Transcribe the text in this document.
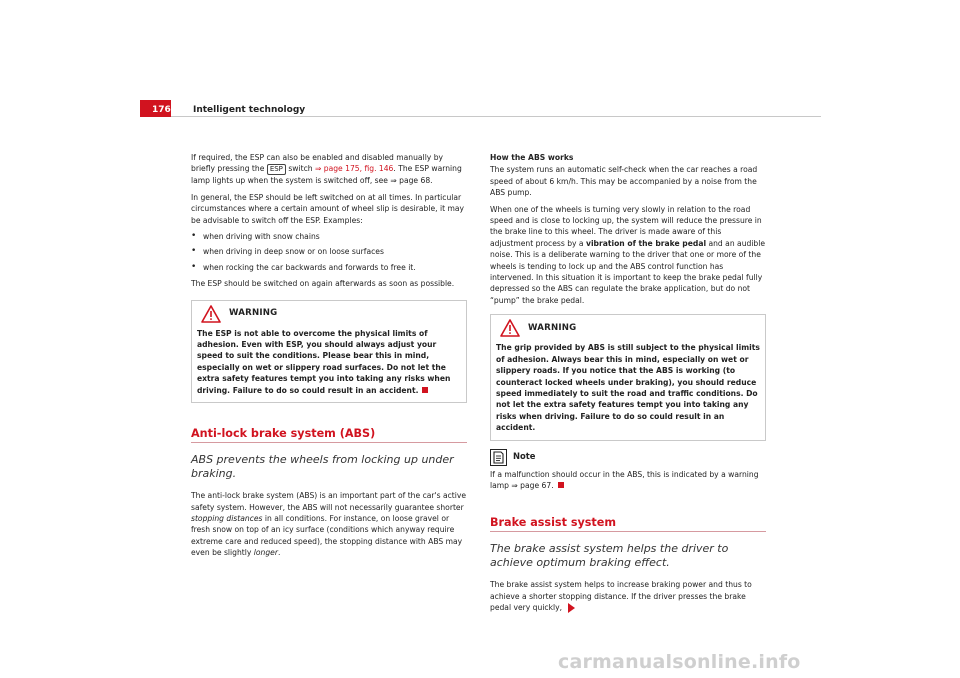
176 Intelligent technology

If required, the ESP can also be enabled and disabled manually by briefly pressing the ESP switch ⇒ page 175, fig. 146. The ESP warning lamp lights up when the system is switched off, see ⇒ page 68.

In general, the ESP should be left switched on at all times. In particular circumstances where a certain amount of wheel slip is desirable, it may be advisable to switch off the ESP. Examples:

• when driving with snow chains
• when driving in deep snow or on loose surfaces
• when rocking the car backwards and forwards to free it.

The ESP should be switched on again afterwards as soon as possible.

WARNING
The ESP is not able to overcome the physical limits of adhesion. Even with ESP, you should always adjust your speed to suit the conditions. Please bear this in mind, especially on wet or slippery road surfaces. Do not let the extra safety features tempt you into taking any risks when driving. Failure to do so could result in an accident.
Anti-lock brake system (ABS)
ABS prevents the wheels from locking up under braking.

The anti-lock brake system (ABS) is an important part of the car's active safety system. However, the ABS will not necessarily guarantee shorter stopping distances in all conditions. For instance, on loose gravel or fresh snow on top of an icy surface (conditions which anyway require extreme care and reduced speed), the stopping distance with ABS may even be slightly longer.

How the ABS works

The system runs an automatic self-check when the car reaches a road speed of about 6 km/h. This may be accompanied by a noise from the ABS pump.

When one of the wheels is turning very slowly in relation to the road speed and is close to locking up, the system will reduce the pressure in the brake line to this wheel. The driver is made aware of this adjustment process by a vibration of the brake pedal and an audible noise. This is a deliberate warning to the driver that one or more of the wheels is tending to lock up and the ABS control function has intervened. In this situation it is important to keep the brake pedal fully depressed so the ABS can regulate the brake application, but do not “pump” the brake pedal.

WARNING
The grip provided by ABS is still subject to the physical limits of adhesion. Always bear this in mind, especially on wet or slippery roads. If you notice that the ABS is working (to counteract locked wheels under braking), you should reduce speed immediately to suit the road and traffic conditions. Do not let the extra safety features tempt you into taking any risks when driving. Failure to do so could result in an accident.
Note

If a malfunction should occur in the ABS, this is indicated by a warning lamp ⇒ page 67.

Brake assist system
The brake assist system helps the driver to achieve optimum braking effect.

The brake assist system helps to increase braking power and thus to achieve a shorter stopping distance. If the driver presses the brake pedal very quickly,

carmanualsonline.info
